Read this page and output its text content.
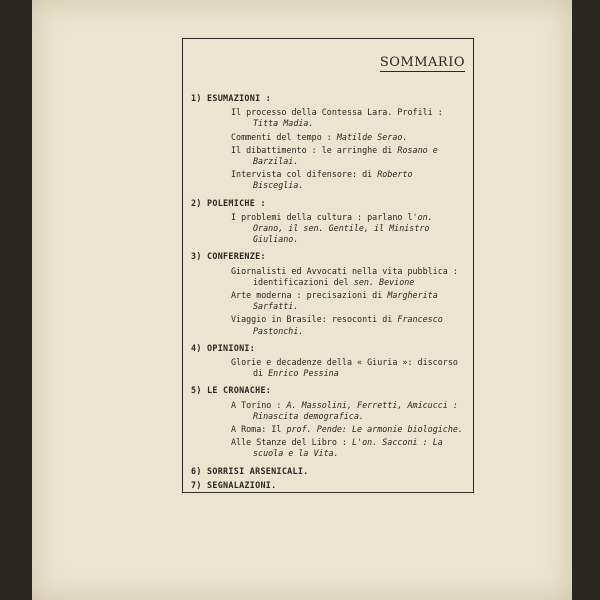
SOMMARIO
1) ESUMAZIONI :
Il processo della Contessa Lara. Profili : Titta Madia.
Commenti del tempo : Matilde Serao.
Il dibattimento : le arringhe di Rosano e Barzilai.
Intervista col difensore: di Roberto Bisceglia.
2) POLEMICHE :
I problemi della cultura : parlano l'on. Orano, il sen. Gentile, il Ministro Giuliano.
3) CONFERENZE:
Giornalisti ed Avvocati nella vita pubblica : identificazioni del sen. Bevione
Arte moderna : precisazioni di Margherita Sarfatti.
Viaggio in Brasile: resoconti di Francesco Pastonchi.
4) OPINIONI:
Glorie e decadenze della « Giuria »: discorso di Enrico Pessina
5) LE CRONACHE:
A Torino : A. Massolini, Ferretti, Amicucci : Rinascita demografica.
A Roma: Il prof. Pende: Le armonie biologiche.
Alle Stanze del Libro : L'on. Sacconi : La scuola e la Vita.
6) SORRISI ARSENICALI.
7) SEGNALAZIONI.
